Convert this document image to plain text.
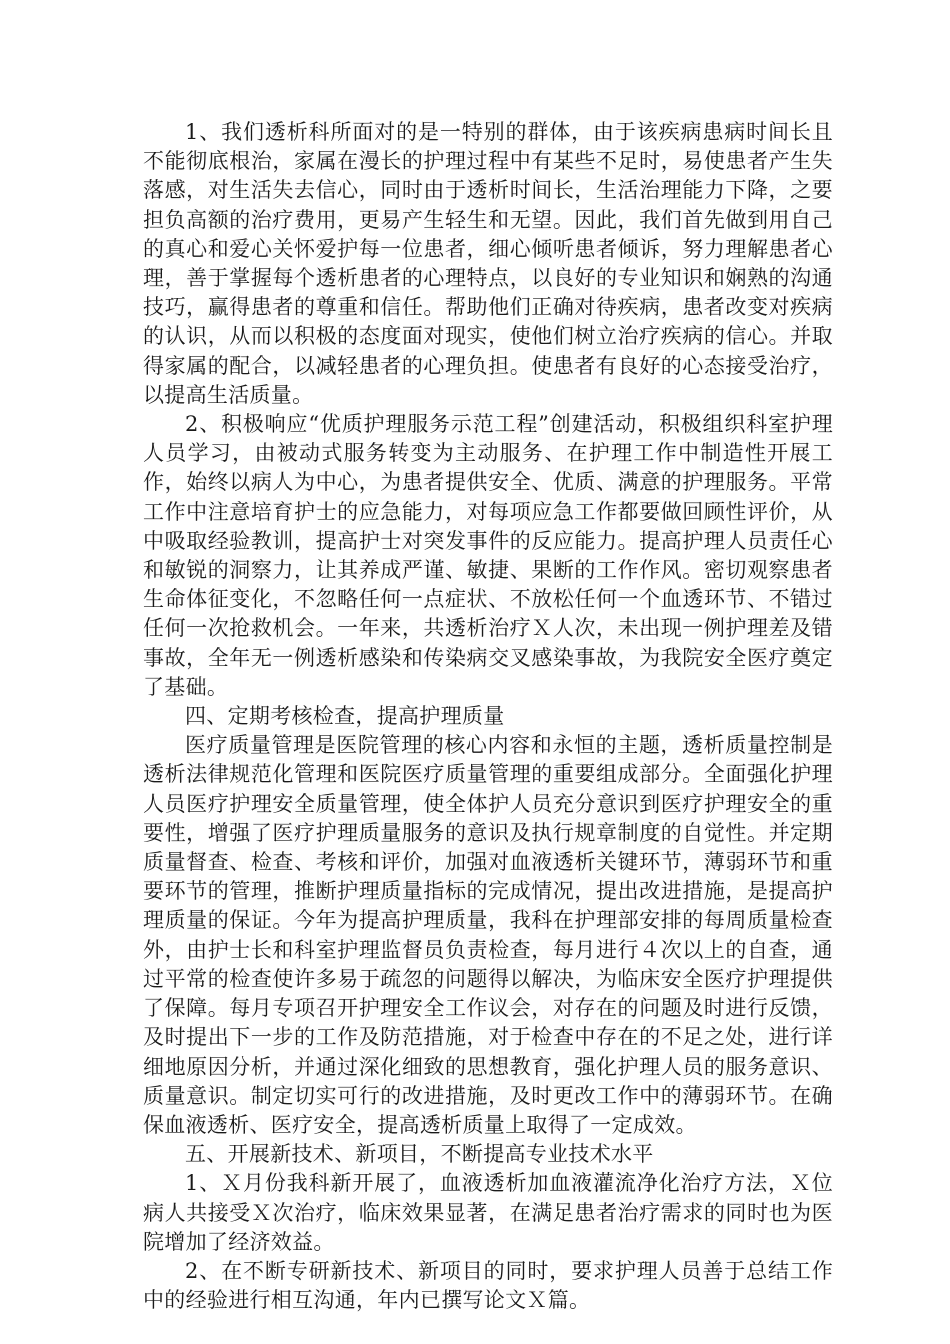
1、我们透析科所面对的是一特别的群体，由于该疾病患病时间长且不能彻底根治，家属在漫长的护理过程中有某些不足时，易使患者产生失落感，对生活失去信心，同时由于透析时间长，生活治理能力下降，之要担负高额的治疗费用，更易产生轻生和无望。因此，我们首先做到用自己的真心和爱心关怀爱护每一位患者，细心倾听患者倾诉，努力理解患者心理，善于掌握每个透析患者的心理特点，以良好的专业知识和娴熟的沟通技巧，赢得患者的尊重和信任。帮助他们正确对待疾病，患者改变对疾病的认识，从而以积极的态度面对现实，使他们树立治疗疾病的信心。并取得家属的配合，以减轻患者的心理负担。使患者有良好的心态接受治疗，以提高生活质量。

2、积极响应“优质护理服务示范工程”创建活动，积极组织科室护理人员学习，由被动式服务转变为主动服务、在护理工作中制造性开展工作，始终以病人为中心，为患者提供安全、优质、满意的护理服务。平常工作中注意培育护士的应急能力，对每项应急工作都要做回顾性评价，从中吸取经验教训，提高护士对突发事件的反应能力。提高护理人员责任心和敏锐的洞察力，让其养成严谨、敏捷、果断的工作作风。密切观察患者生命体征变化，不忽略任何一点症状、不放松任何一个血透环节、不错过任何一次抢救机会。一年来，共透析治疗Ｘ人次，未出现一例护理差及错事故，全年无一例透析感染和传染病交叉感染事故，为我院安全医疗奠定了基础。

四、定期考核检查，提高护理质量

医疗质量管理是医院管理的核心内容和永恒的主题，透析质量控制是透析法律规范化管理和医院医疗质量管理的重要组成部分。全面强化护理人员医疗护理安全质量管理，使全体护人员充分意识到医疗护理安全的重要性，增强了医疗护理质量服务的意识及执行规章制度的自觉性。并定期质量督查、检查、考核和评价，加强对血液透析关键环节，薄弱环节和重要环节的管理，推断护理质量指标的完成情况，提出改进措施，是提高护理质量的保证。今年为提高护理质量，我科在护理部安排的每周质量检查外，由护士长和科室护理监督员负责检查，每月进行４次以上的自查，通过平常的检查使许多易于疏忽的问题得以解决，为临床安全医疗护理提供了保障。每月专项召开护理安全工作议会，对存在的问题及时进行反馈，及时提出下一步的工作及防范措施，对于检查中存在的不足之处，进行详细地原因分析，并通过深化细致的思想教育，强化护理人员的服务意识、质量意识。制定切实可行的改进措施，及时更改工作中的薄弱环节。在确保血液透析、医疗安全，提高透析质量上取得了一定成效。

五、开展新技术、新项目，不断提高专业技术水平

1、Ｘ月份我科新开展了，血液透析加血液灌流净化治疗方法，Ｘ位病人共接受Ｘ次治疗，临床效果显著，在满足患者治疗需求的同时也为医院增加了经济效益。

2、在不断专研新技术、新项目的同时，要求护理人员善于总结工作中的经验进行相互沟通，年内已撰写论文Ｘ篇。
